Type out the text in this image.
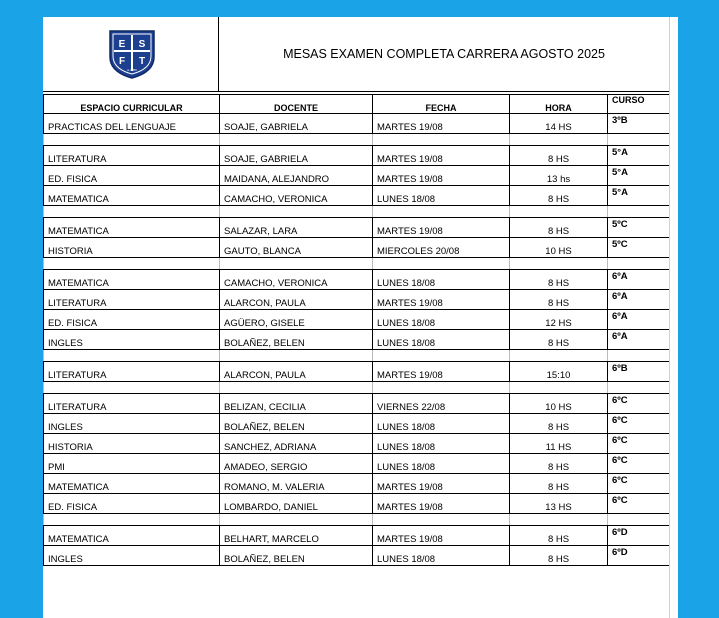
E S
F T
A-1389
MESAS EXAMEN COMPLETA CARRERA AGOSTO 2025
ESPACIO CURRICULAR	DOCENTE	FECHA	HORA	CURSO
PRACTICAS DEL LENGUAJE	SOAJE, GABRIELA	MARTES 19/08	14 HS	3ºB

LITERATURA	SOAJE, GABRIELA	MARTES 19/08	8 HS	5°A
ED. FISICA	MAIDANA, ALEJANDRO	MARTES 19/08	13 hs	5°A
MATEMATICA	CAMACHO, VERONICA	LUNES 18/08	8 HS	5°A

MATEMATICA	SALAZAR, LARA	MARTES 19/08	8 HS	5ºC
HISTORIA	GAUTO, BLANCA	MIERCOLES 20/08	10 HS	5ºC

MATEMATICA	CAMACHO, VERONICA	LUNES 18/08	8 HS	6ºA
LITERATURA	ALARCON, PAULA	MARTES 19/08	8 HS	6ºA
ED. FISICA	AGÜERO, GISELE	LUNES 18/08	12 HS	6ºA
INGLES	BOLAÑEZ, BELEN	LUNES 18/08	8 HS	6ºA

LITERATURA	ALARCON, PAULA	MARTES 19/08	15:10	6ºB

LITERATURA	BELIZAN, CECILIA	VIERNES 22/08	10 HS	6ºC
INGLES	BOLAÑEZ, BELEN	LUNES 18/08	8 HS	6ºC
HISTORIA	SANCHEZ, ADRIANA	LUNES 18/08	11 HS	6ºC
PMI	AMADEO, SERGIO	LUNES 18/08	8 HS	6ºC
MATEMATICA	ROMANO, M. VALERIA	MARTES 19/08	8 HS	6ºC
ED. FISICA	LOMBARDO, DANIEL	MARTES 19/08	13 HS	6ºC

MATEMATICA	BELHART, MARCELO	MARTES 19/08	8 HS	6ºD
INGLES	BOLAÑEZ, BELEN	LUNES 18/08	8 HS	6ºD
